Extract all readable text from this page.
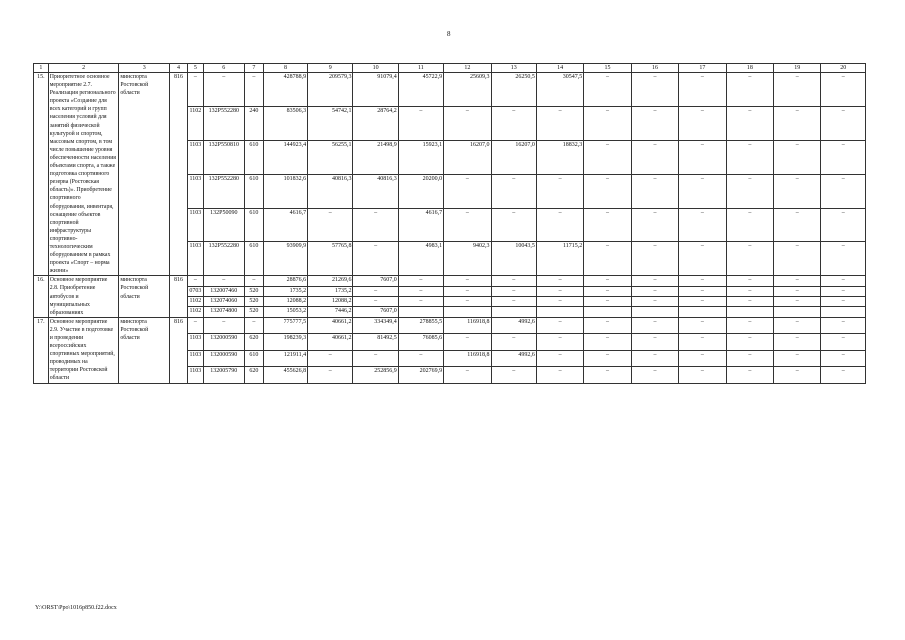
8
1	2	3	4	5	6	7	8	9	10	11	12	13	14	15	16	17	18	19	20
15.	Приоритетное основное мероприятие 2.7. Реализация регионального проекта «Создание для всех категорий и групп населения условий для занятий физической культурой и спортом, массовым спортом, в том числе повышение уровня обеспеченности населения объектами спорта, а также подготовка спортивного резерва (Ростовская область)». Приобретение спортивного оборудования, инвентаря, оснащение объектов спортивной инфраструктуры спортивно-технологическим оборудованием в рамках проекта «Спорт – норма жизни»	минспорта Ростовской области	816	–	–	–	428788,9	209579,3	91079,4	45722,9	25609,3	26250,5	30547,5	–	–	–	–	–	–
				1102	132P552280	240	83506,3	54742,1	28764,2	–	–	–	–	–	–	–	–	–	–
				1103	132P550810	610	144923,4	56255,1	21498,9	15923,1	16207,0	16207,0	18832,3	–	–	–	–	–	–
				1103	132P552280	610	101832,6	40816,3	40816,3	20200,0	–	–	–	–	–	–	–	–	–
				1103	132P50090	610	4616,7	–	–	4616,7	–	–	–	–	–	–	–	–	–
				1103	132P552280	610	93909,9	57765,8	–	4983,1	9402,3	10043,5	11715,2	–	–	–	–	–	–
16.	Основное мероприятие 2.8. Приобретение автобусов и муниципальных образованиях	минспорта Ростовской области	816	–	–	–	28876,6	21269,6	7607,0	–	–	–	–	–	–	–	–	–	–
				0703	132007460	520	1735,2	1735,2	–	–	–	–	–	–	–	–	–	–	–
				1102	132074060	520	12088,2	12088,2	–	–	–	–	–	–	–	–	–	–	–
				1102	132074800	520	15053,2	7446,2	7607,0										
17.	Основное мероприятие 2.9. Участие в подготовке и проведении всероссийских спортивных мероприятий, проводимых на территории Ростовской области	минспорта Ростовской области	816	–	–	–	775777,5	40661,2	334349,4	278855,5	116918,8	4992,6	–	–	–	–	–	–	–
				1103	132000590	620	198239,3	40661,2	81492,5	76085,6	–	–	–	–	–	–	–	–	–
				1103	132000590	610	121911,4	–	–	–	116918,8	4992,6	–	–	–	–	–	–	–
				1103	132005790	620	455626,8	–	252856,9	202769,9	–	–	–	–	–	–	–	–	–
Y:\ORST\Ppo\1016p850.f22.docx
